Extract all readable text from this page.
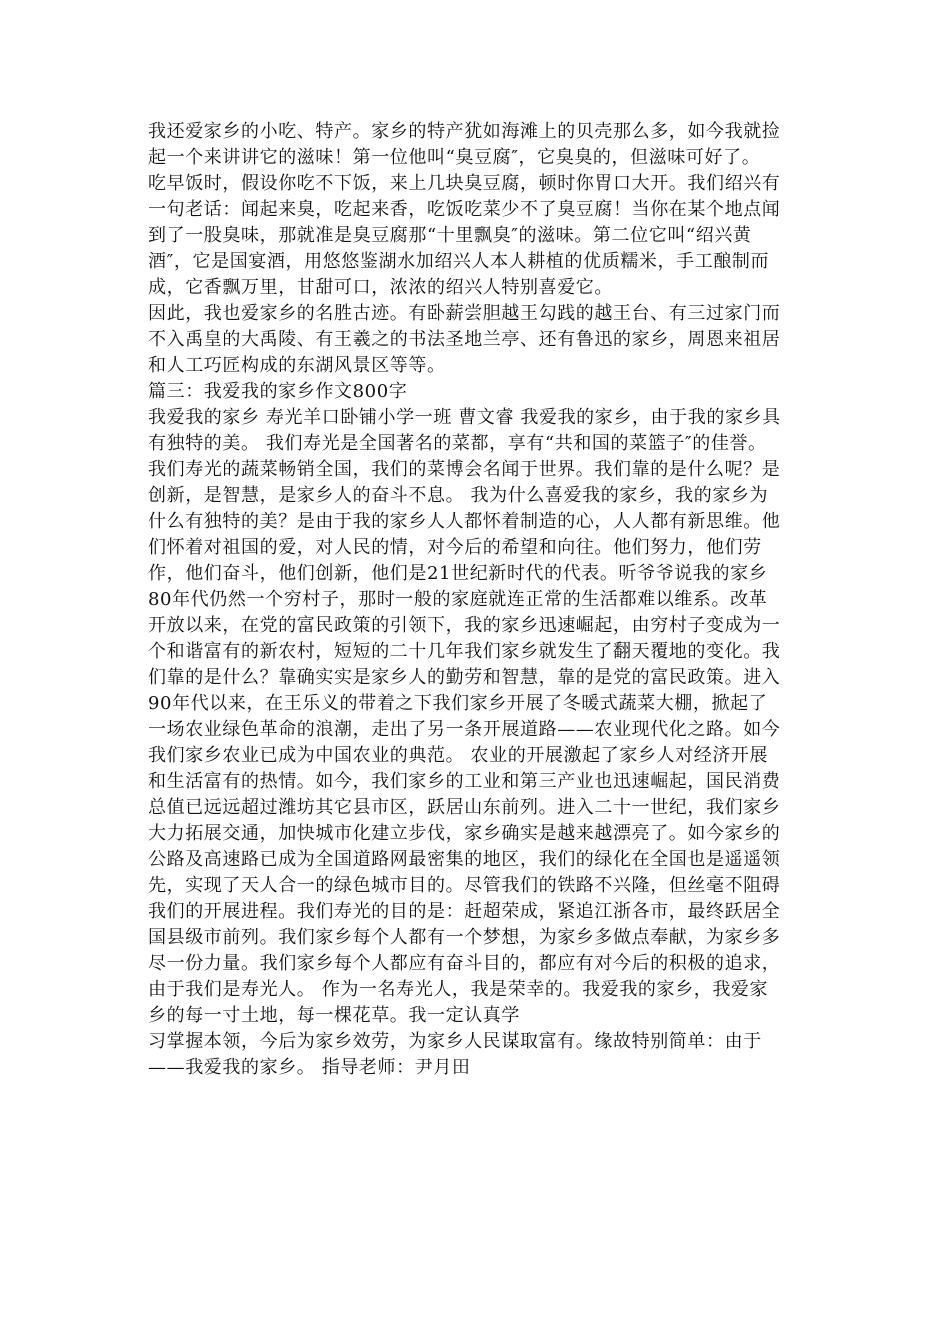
我还爱家乡的小吃、特产。家乡的特产犹如海滩上的贝壳那么多，如今我就捡
起一个来讲讲它的滋味！第一位他叫“臭豆腐″，它臭臭的，但滋味可好了。
吃早饭时，假设你吃不下饭，来上几块臭豆腐，顿时你胃口大开。我们绍兴有
一句老话：闻起来臭，吃起来香，吃饭吃菜少不了臭豆腐！当你在某个地点闻
到了一股臭味，那就准是臭豆腐那“十里飘臭″的滋味。第二位它叫“绍兴黄
酒″，它是国宴酒，用悠悠鉴湖水加绍兴人本人耕植的优质糯米，手工酿制而
成，它香飘万里，甘甜可口，浓浓的绍兴人特别喜爱它。
因此，我也爱家乡的名胜古迹。有卧薪尝胆越王勾践的越王台、有三过家门而
不入禹皇的大禹陵、有王羲之的书法圣地兰亭、还有鲁迅的家乡，周恩来祖居
和人工巧匠构成的东湖风景区等等。
篇三：我爱我的家乡作文800字
我爱我的家乡 寿光羊口卧铺小学一班 曹文睿 我爱我的家乡，由于我的家乡具
有独特的美。 我们寿光是全国著名的菜都，享有“共和国的菜篮子″的佳誉。
我们寿光的蔬菜畅销全国，我们的菜博会名闻于世界。我们靠的是什么呢？是
创新，是智慧，是家乡人的奋斗不息。 我为什么喜爱我的家乡，我的家乡为
什么有独特的美？是由于我的家乡人人都怀着制造的心，人人都有新思维。他
们怀着对祖国的爱，对人民的情，对今后的希望和向往。他们努力，他们劳
作，他们奋斗，他们创新，他们是21世纪新时代的代表。听爷爷说我的家乡
80年代仍然一个穷村子，那时一般的家庭就连正常的生活都难以维系。改革
开放以来，在党的富民政策的引领下，我的家乡迅速崛起，由穷村子变成为一
个和谐富有的新农村，短短的二十几年我们家乡就发生了翻天覆地的变化。我
们靠的是什么？靠确实实是家乡人的勤劳和智慧，靠的是党的富民政策。进入
90年代以来，在王乐义的带着之下我们家乡开展了冬暖式蔬菜大棚，掀起了
一场农业绿色革命的浪潮，走出了另一条开展道路——农业现代化之路。如今
我们家乡农业已成为中国农业的典范。 农业的开展激起了家乡人对经济开展
和生活富有的热情。如今，我们家乡的工业和第三产业也迅速崛起，国民消费
总值已远远超过潍坊其它县市区，跃居山东前列。进入二十一世纪，我们家乡
大力拓展交通，加快城市化建立步伐，家乡确实是越来越漂亮了。如今家乡的
公路及高速路已成为全国道路网最密集的地区，我们的绿化在全国也是遥遥领
先，实现了天人合一的绿色城市目的。尽管我们的铁路不兴隆，但丝毫不阻碍
我们的开展进程。我们寿光的目的是：赶超荣成，紧追江浙各市，最终跃居全
国县级市前列。我们家乡每个人都有一个梦想，为家乡多做点奉献，为家乡多
尽一份力量。我们家乡每个人都应有奋斗目的，都应有对今后的积极的追求，
由于我们是寿光人。 作为一名寿光人，我是荣幸的。我爱我的家乡，我爱家
乡的每一寸土地，每一棵花草。我一定认真学
习掌握本领，今后为家乡效劳，为家乡人民谋取富有。缘故特别简单：由于
——我爱我的家乡。 指导老师：尹月田
